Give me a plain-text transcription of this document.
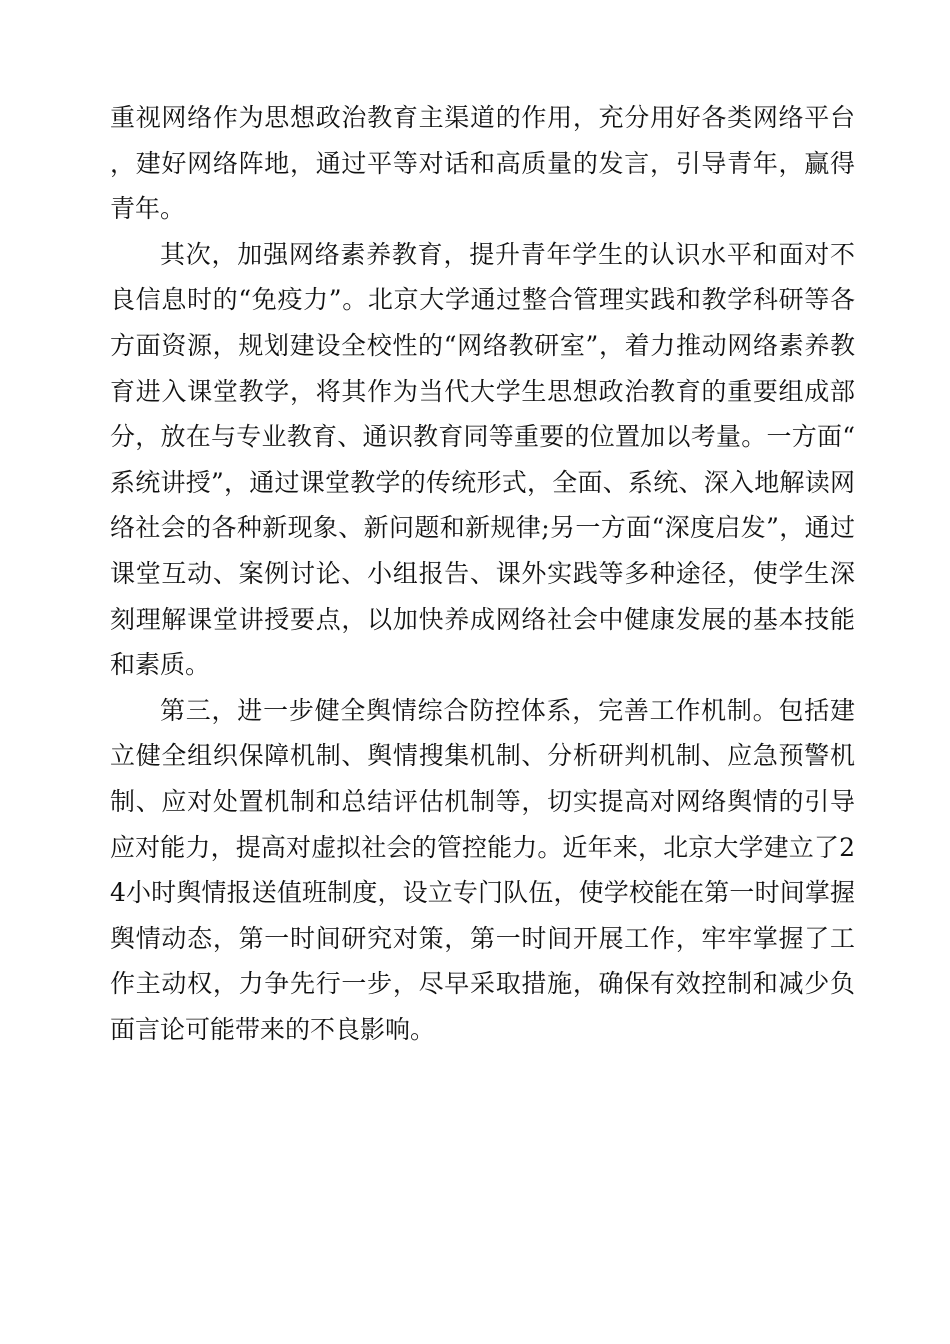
重视网络作为思想政治教育主渠道的作用，充分用好各类网络平台，建好网络阵地，通过平等对话和高质量的发言，引导青年，赢得青年。

其次，加强网络素养教育，提升青年学生的认识水平和面对不良信息时的“免疫力”。北京大学通过整合管理实践和教学科研等各方面资源，规划建设全校性的“网络教研室”，着力推动网络素养教育进入课堂教学，将其作为当代大学生思想政治教育的重要组成部分，放在与专业教育、通识教育同等重要的位置加以考量。一方面“系统讲授”，通过课堂教学的传统形式，全面、系统、深入地解读网络社会的各种新现象、新问题和新规律;另一方面“深度启发”，通过课堂互动、案例讨论、小组报告、课外实践等多种途径，使学生深刻理解课堂讲授要点，以加快养成网络社会中健康发展的基本技能和素质。

第三，进一步健全舆情综合防控体系，完善工作机制。包括建立健全组织保障机制、舆情搜集机制、分析研判机制、应急预警机制、应对处置机制和总结评估机制等，切实提高对网络舆情的引导应对能力，提高对虚拟社会的管控能力。近年来，北京大学建立了24小时舆情报送值班制度，设立专门队伍，使学校能在第一时间掌握舆情动态，第一时间研究对策，第一时间开展工作，牢牢掌握了工作主动权，力争先行一步，尽早采取措施，确保有效控制和减少负面言论可能带来的不良影响。
